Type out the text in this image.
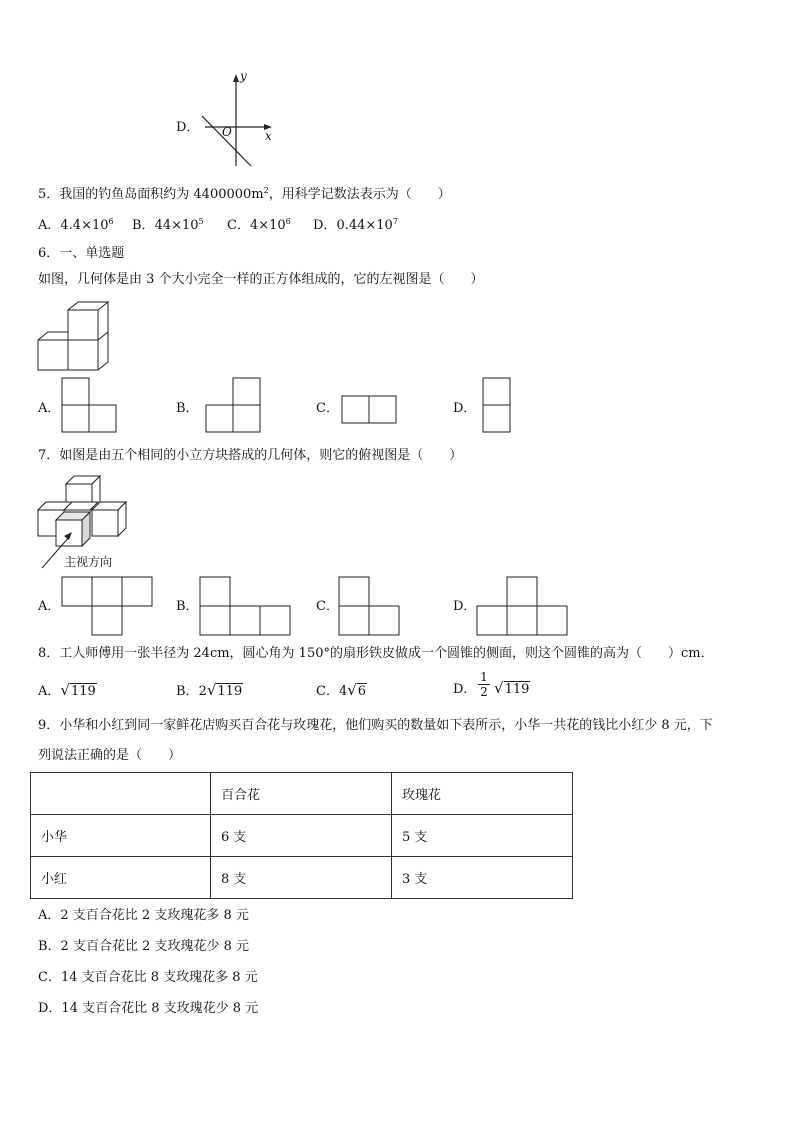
D．
y
x
O
5．我国的钓鱼岛面积约为 $4400000m^2$，用科学记数法表示为（　　）
A．$4.4\times 10^6$ B．$44\times 10^5$ C．$4\times 10^6$ D．$0.44\times 10^7$
6．一、单选题
如图，几何体是由 3 个大小完全一样的正方体组成的，它的左视图是（　　）
A．	B．	C．	D．
7．如图是由五个相同的小立方块搭成的几何体，则它的俯视图是（　　）
主视方向
A．	B．	C．	D．
8．工人师傅用一张半径为 24cm，圆心角为 150°的扇形铁皮做成一个圆锥的侧面，则这个圆锥的高为（　　）cm．
A．√119	B．2√119	C．4√6	D．
1
2 √119
9．小华和小红到同一家鲜花店购买百合花与玫瑰花，他们购买的数量如下表所示，小华一共花的钱比小红少 8 元，下
列说法正确的是（　　）
	百合花	玫瑰花
小华	6 支	5 支
小红	8 支	3 支
A．2 支百合花比 2 支玫瑰花多 8 元
B．2 支百合花比 2 支玫瑰花少 8 元
C．14 支百合花比 8 支玫瑰花多 8 元
D．14 支百合花比 8 支玫瑰花少 8 元
